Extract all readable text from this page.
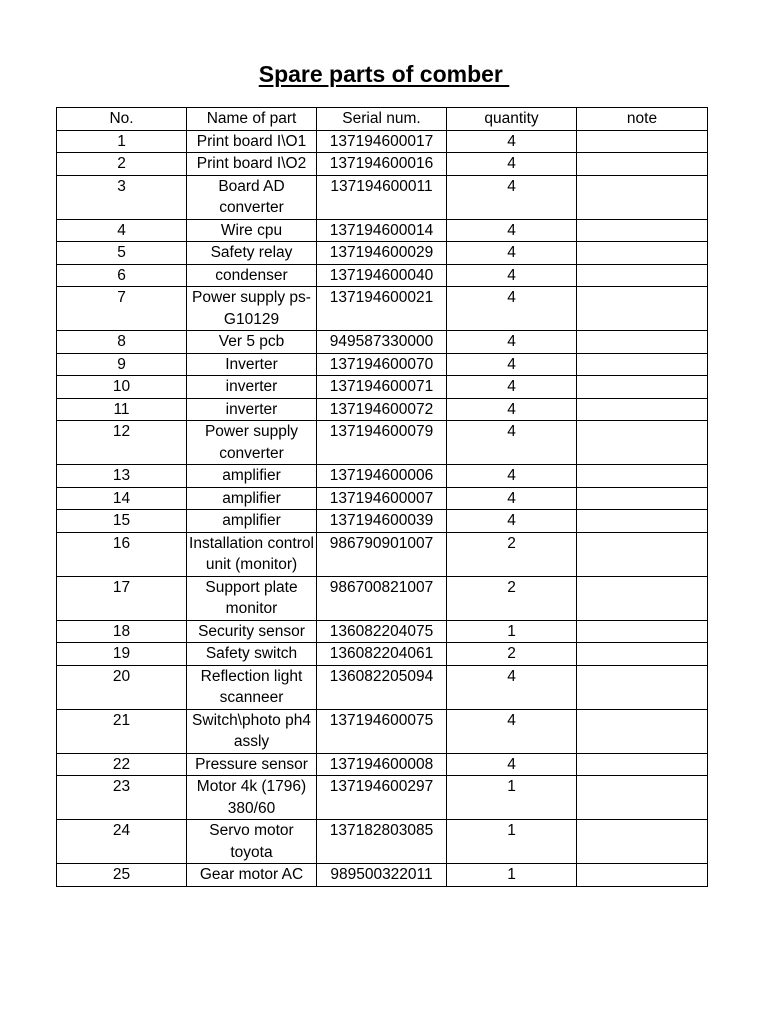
Spare parts of comber
No.	Name of part	Serial num.	quantity	note
1	Print board I\O1	137194600017	4	
2	Print board I\O2	137194600016	4	
3	Board AD converter	137194600011	4	
4	Wire cpu	137194600014	4	
5	Safety relay	137194600029	4	
6	condenser	137194600040	4	
7	Power supply ps-G10129	137194600021	4	
8	Ver 5 pcb	949587330000	4	
9	Inverter	137194600070	4	
10	inverter	137194600071	4	
11	inverter	137194600072	4	
12	Power supply converter	137194600079	4	
13	amplifier	137194600006	4	
14	amplifier	137194600007	4	
15	amplifier	137194600039	4	
16	Installation control unit (monitor)	986790901007	2	
17	Support plate monitor	986700821007	2	
18	Security sensor	136082204075	1	
19	Safety switch	136082204061	2	
20	Reflection light scanneer	136082205094	4	
21	Switch\photo ph4 assly	137194600075	4	
22	Pressure sensor	137194600008	4	
23	Motor 4k (1796) 380/60	137194600297	1	
24	Servo motor toyota	137182803085	1	
25	Gear motor AC	989500322011	1	
